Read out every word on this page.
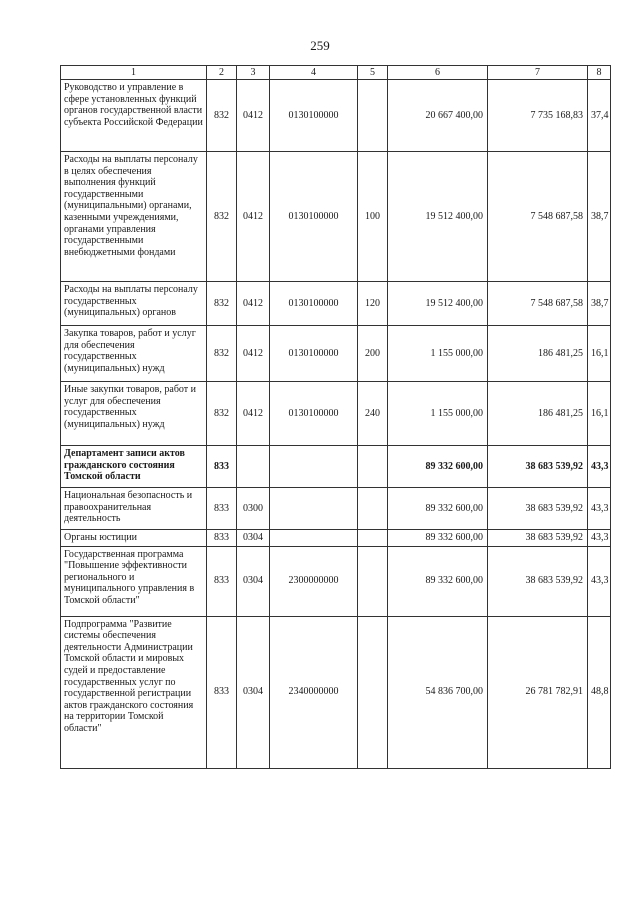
259
1	2	3	4	5	6	7	8
Руководство и управление в сфере установленных функций органов государственной власти субъекта Российской Федерации	832	0412	0130100000		20 667 400,00	7 735 168,83	37,4
Расходы на выплаты персоналу в целях обеспечения выполнения функций государственными (муниципальными) органами, казенными учреждениями, органами управления государственными внебюджетными фондами	832	0412	0130100000	100	19 512 400,00	7 548 687,58	38,7
Расходы на выплаты персоналу государственных (муниципальных) органов	832	0412	0130100000	120	19 512 400,00	7 548 687,58	38,7
Закупка товаров, работ и услуг для обеспечения государственных (муниципальных) нужд	832	0412	0130100000	200	1 155 000,00	186 481,25	16,1
Иные закупки товаров, работ и услуг для обеспечения государственных (муниципальных) нужд	832	0412	0130100000	240	1 155 000,00	186 481,25	16,1
Департамент записи актов гражданского состояния Томской области	833				89 332 600,00	38 683 539,92	43,3
Национальная безопасность и правоохранительная деятельность	833	0300			89 332 600,00	38 683 539,92	43,3
Органы юстиции	833	0304			89 332 600,00	38 683 539,92	43,3
Государственная программа "Повышение эффективности регионального и муниципального управления в Томской области"	833	0304	2300000000		89 332 600,00	38 683 539,92	43,3
Подпрограмма "Развитие системы обеспечения деятельности Администрации Томской области и мировых судей и предоставление государственных услуг по государственной регистрации актов гражданского состояния на территории Томской области"	833	0304	2340000000		54 836 700,00	26 781 782,91	48,8
